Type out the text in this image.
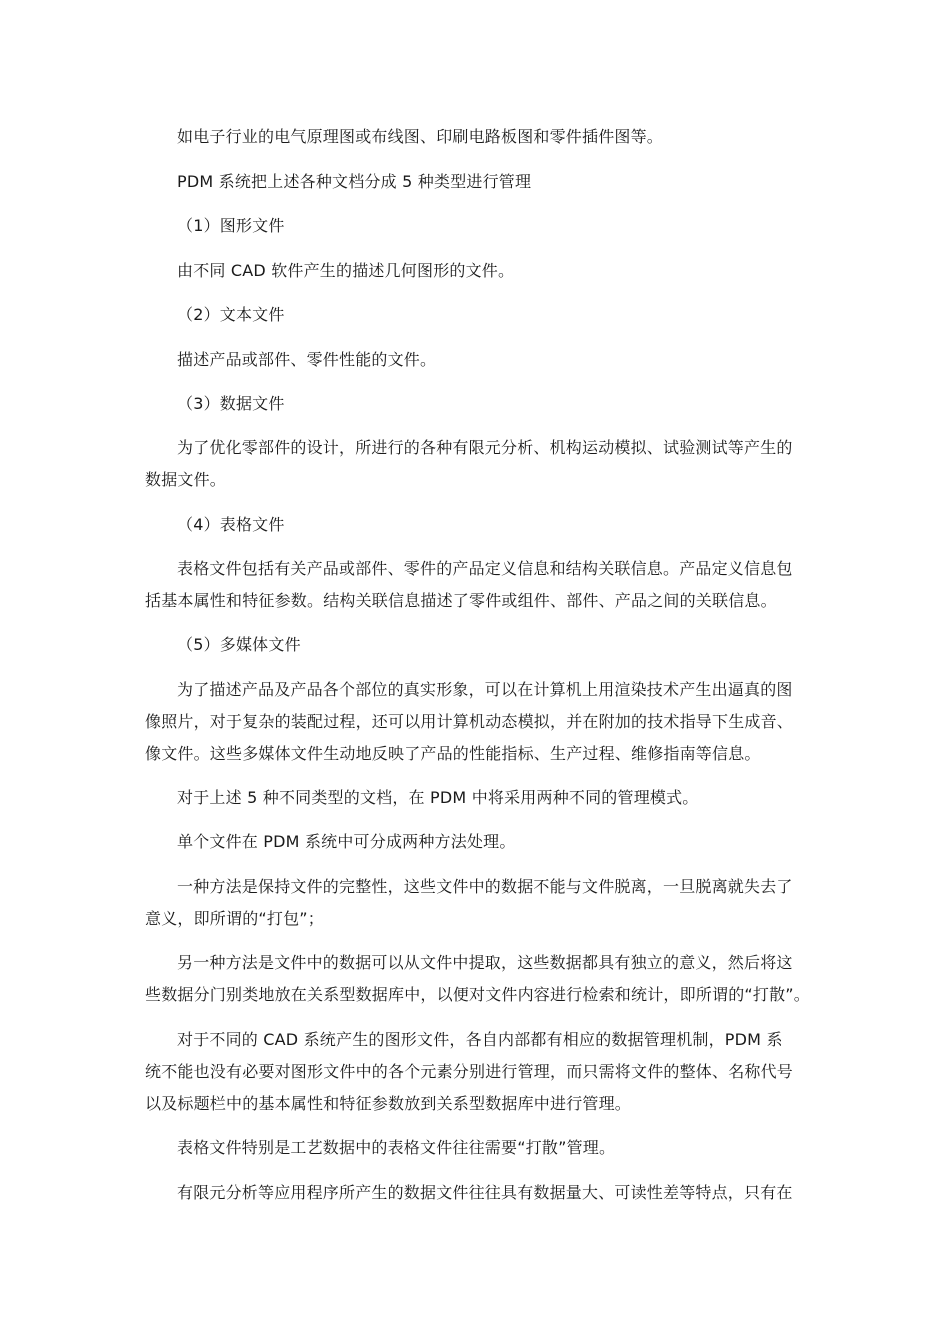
如电子行业的电气原理图或布线图、印刷电路板图和零件插件图等。
PDM 系统把上述各种文档分成 5 种类型进行管理
（1）图形文件
由不同 CAD 软件产生的描述几何图形的文件。
（2）文本文件
描述产品或部件、零件性能的文件。
（3）数据文件
为了优化零部件的设计，所进行的各种有限元分析、机构运动模拟、试验测试等产生的
数据文件。
（4）表格文件
表格文件包括有关产品或部件、零件的产品定义信息和结构关联信息。产品定义信息包
括基本属性和特征参数。结构关联信息描述了零件或组件、部件、产品之间的关联信息。
（5）多媒体文件
为了描述产品及产品各个部位的真实形象，可以在计算机上用渲染技术产生出逼真的图
像照片，对于复杂的装配过程，还可以用计算机动态模拟，并在附加的技术指导下生成音、
像文件。这些多媒体文件生动地反映了产品的性能指标、生产过程、维修指南等信息。
对于上述 5 种不同类型的文档，在 PDM 中将采用两种不同的管理模式。
单个文件在 PDM 系统中可分成两种方法处理。
一种方法是保持文件的完整性，这些文件中的数据不能与文件脱离，一旦脱离就失去了
意义，即所谓的“打包”；
另一种方法是文件中的数据可以从文件中提取，这些数据都具有独立的意义，然后将这
些数据分门别类地放在关系型数据库中，以便对文件内容进行检索和统计，即所谓的“打散”。
对于不同的 CAD 系统产生的图形文件，各自内部都有相应的数据管理机制，PDM 系
统不能也没有必要对图形文件中的各个元素分别进行管理，而只需将文件的整体、名称代号
以及标题栏中的基本属性和特征参数放到关系型数据库中进行管理。
表格文件特别是工艺数据中的表格文件往往需要“打散”管理。
有限元分析等应用程序所产生的数据文件往往具有数据量大、可读性差等特点，只有在
